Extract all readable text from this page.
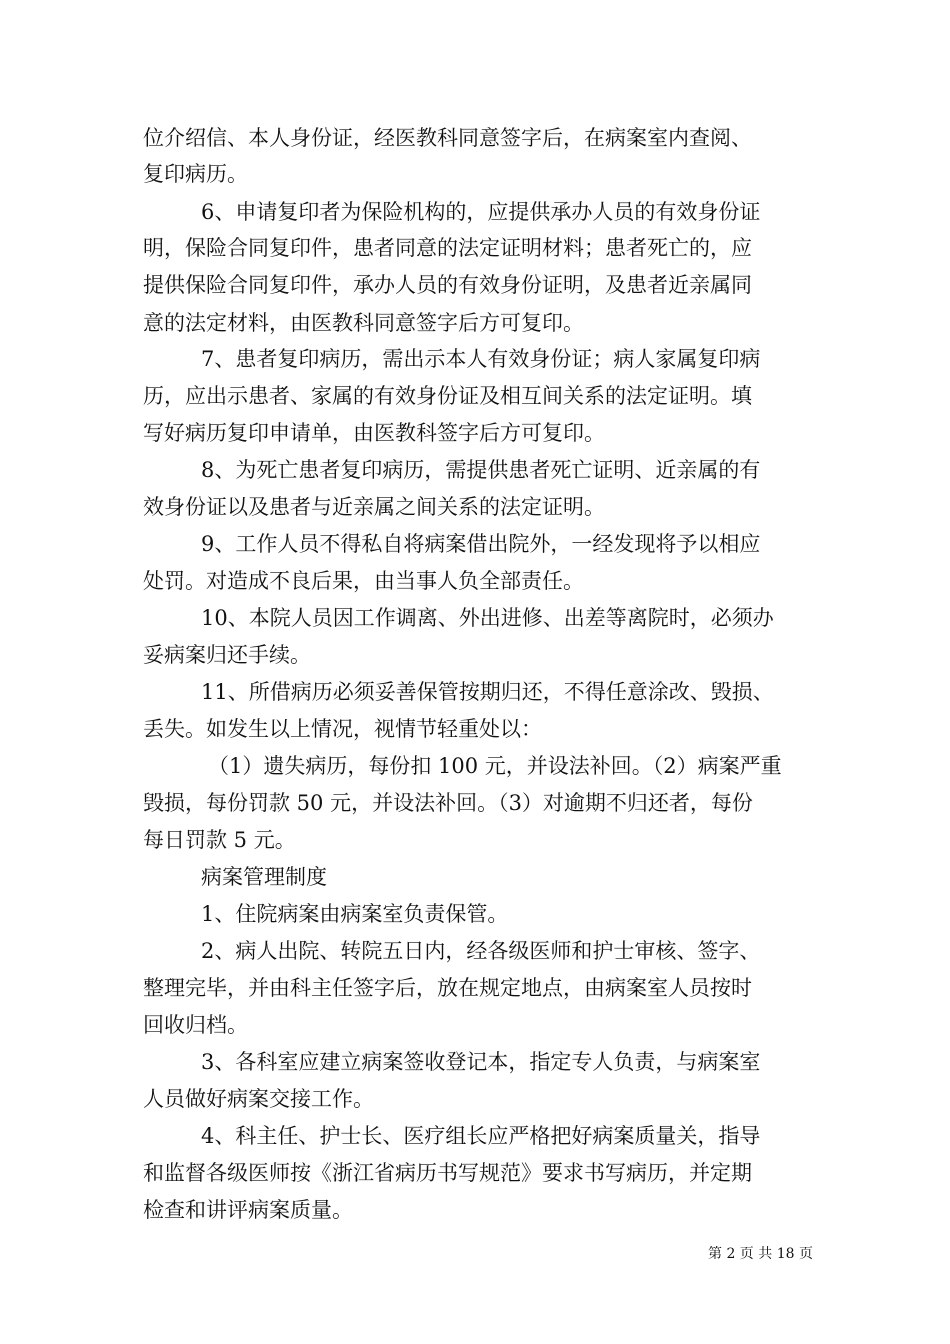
位介绍信、本人身份证，经医教科同意签字后，在病案室内查阅、
复印病历。
6、申请复印者为保险机构的，应提供承办人员的有效身份证
明，保险合同复印件，患者同意的法定证明材料；患者死亡的，应
提供保险合同复印件，承办人员的有效身份证明，及患者近亲属同
意的法定材料，由医教科同意签字后方可复印。
7、患者复印病历，需出示本人有效身份证；病人家属复印病
历，应出示患者、家属的有效身份证及相互间关系的法定证明。填
写好病历复印申请单，由医教科签字后方可复印。
8、为死亡患者复印病历，需提供患者死亡证明、近亲属的有
效身份证以及患者与近亲属之间关系的法定证明。
9、工作人员不得私自将病案借出院外，一经发现将予以相应
处罚。对造成不良后果，由当事人负全部责任。
10、本院人员因工作调离、外出进修、出差等离院时，必须办
妥病案归还手续。
11、所借病历必须妥善保管按期归还，不得任意涂改、毁损、
丢失。如发生以上情况，视情节轻重处以：
（1）遗失病历，每份扣 100 元，并设法补回。（2）病案严重
毁损，每份罚款 50 元，并设法补回。（3）对逾期不归还者，每份
每日罚款 5 元。
病案管理制度
1、住院病案由病案室负责保管。
2、病人出院、转院五日内，经各级医师和护士审核、签字、
整理完毕，并由科主任签字后，放在规定地点，由病案室人员按时
回收归档。
3、各科室应建立病案签收登记本，指定专人负责，与病案室
人员做好病案交接工作。
4、科主任、护士长、医疗组长应严格把好病案质量关，指导
和监督各级医师按《浙江省病历书写规范》要求书写病历，并定期
检查和讲评病案质量。
第 2 页 共 18 页
